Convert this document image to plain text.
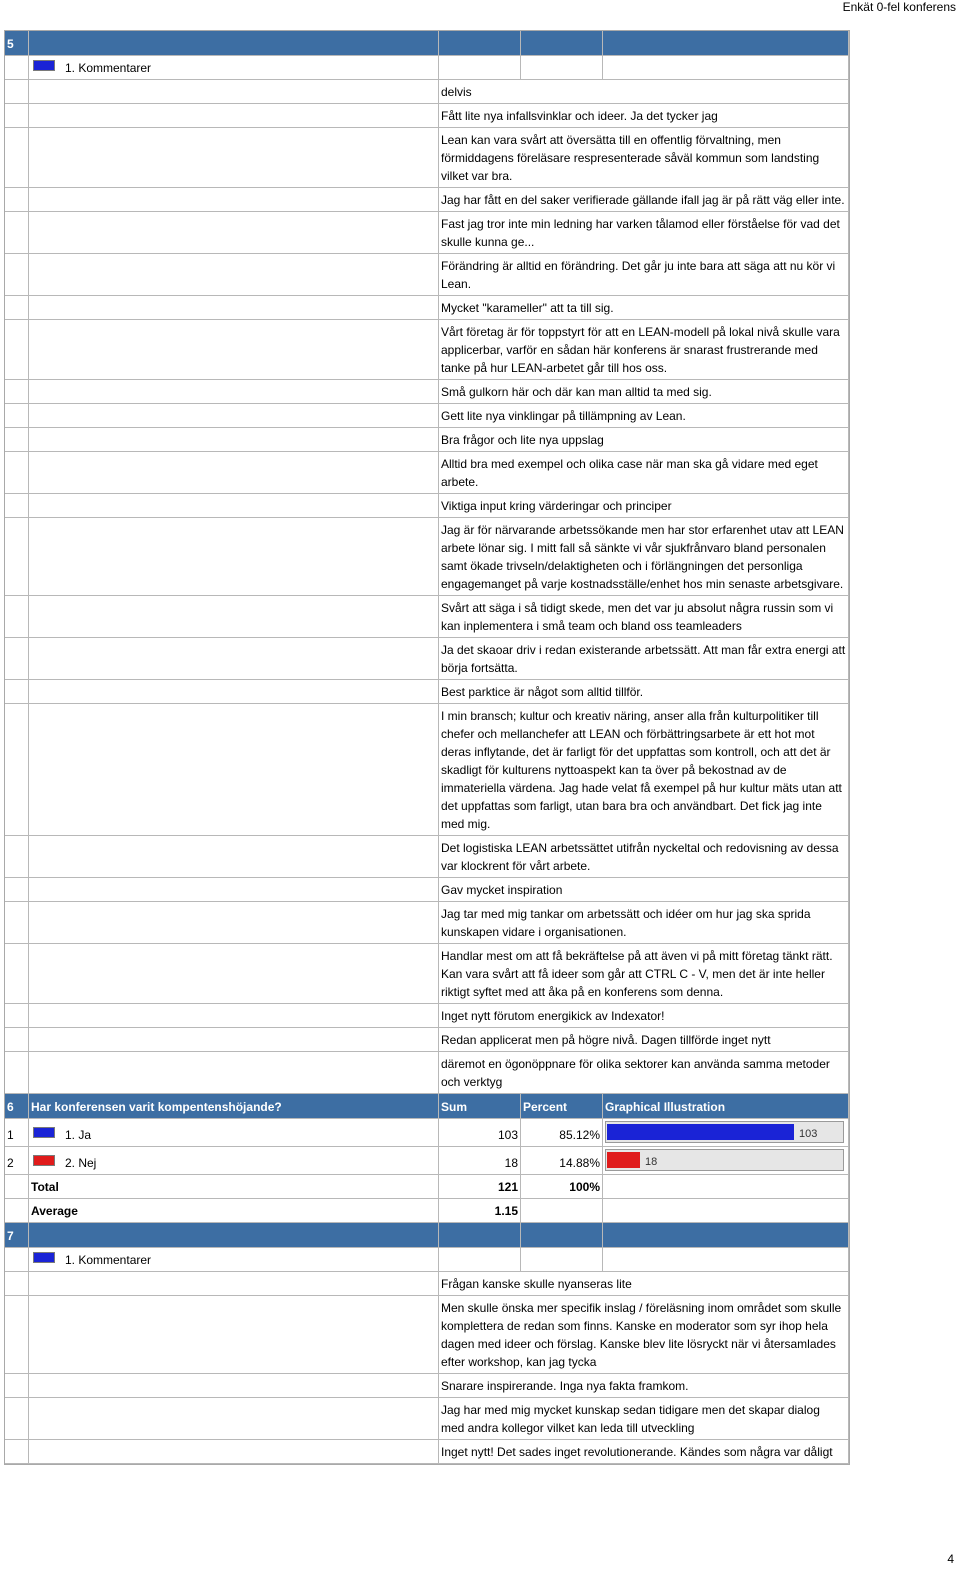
Enkät 0-fel konferens
5				

	1. Kommentarer			

		delvis		
		Fått lite nya infallsvinklar och ideer. Ja det tycker jag		
		Lean kan vara svårt att översätta till en offentlig förvaltning, men förmiddagens föreläsare respresenterade såväl kommun som landsting vilket var bra.		
		Jag har fått en del saker verifierade gällande ifall jag är på rätt väg eller inte.		
		Fast jag tror inte min ledning har varken tålamod eller förståelse för vad det skulle kunna ge...		
		Förändring är alltid en förändring. Det går ju inte bara att säga att nu kör vi Lean.		
		Mycket "karameller" att ta till sig.		
		Vårt företag är för toppstyrt för att en LEAN-modell på lokal nivå skulle vara applicerbar, varför en sådan här konferens är snarast frustrerande med tanke på hur LEAN-arbetet går till hos oss.		
		Små gulkorn här och där kan man alltid ta med sig.		
		Gett lite nya vinklingar på tillämpning av Lean.		
		Bra frågor och lite nya uppslag		
		Alltid bra med exempel och olika case när man ska gå vidare med eget arbete.		
		Viktiga input kring värderingar och principer		
		Jag är för närvarande arbetssökande men har stor erfarenhet utav att LEAN arbete lönar sig. I mitt fall så sänkte vi vår sjukfrånvaro bland personalen samt ökade trivseln/delaktigheten och i förlängningen det personliga engagemanget på varje kostnadsställe/enhet hos min senaste arbetsgivare.		
		Svårt att säga i så tidigt skede, men det var ju absolut några russin som vi kan inplementera i små team och bland oss teamleaders		
		Ja det skaoar driv i redan existerande arbetssätt. Att man får extra energi att börja fortsätta.		
		Best parktice är något som alltid tillför.		
		I min bransch; kultur och kreativ näring, anser alla från kulturpolitiker till chefer och mellanchefer att LEAN och förbättringsarbete är ett hot mot deras inflytande, det är farligt för det uppfattas som kontroll, och att det är skadligt för kulturens nyttoaspekt kan ta över på bekostnad av de immateriella värdena. Jag hade velat få exempel på hur kultur mäts utan att det uppfattas som farligt, utan bara bra och användbart. Det fick jag inte med mig.		
		Det logistiska LEAN arbetssättet utifrån nyckeltal och redovisning av dessa var klockrent för vårt arbete.		
		Gav mycket inspiration		
		Jag tar med mig tankar om arbetssätt och idéer om hur jag ska sprida kunskapen vidare i organisationen.		
		Handlar mest om att få bekräftelse på att även vi på mitt företag tänkt rätt. Kan vara svårt att få ideer som går att CTRL C - V, men det är inte heller riktigt syftet med att åka på en konferens som denna.		
		Inget nytt förutom energikick av Indexator!		
		Redan applicerat men på högre nivå. Dagen tillförde inget nytt		
		däremot en ögonöppnare för olika sektorer kan använda samma metoder och verktyg		
6	Har konferensen varit kompentenshöjande?	Sum	Percent	Graphical Illustration
1	1. Ja	103	85.12%	103

2	2. Nej	18	14.88%	18

	Total	121	100%	
	Average	1.15		
7				

	1. Kommentarer			

		Frågan kanske skulle nyanseras lite		
		Men skulle önska mer specifik inslag / föreläsning inom området som skulle komplettera de redan som finns. Kanske en moderator som syr ihop hela dagen med ideer och förslag. Kanske blev lite lösryckt när vi återsamlades efter workshop, kan jag tycka		
		Snarare inspirerande. Inga nya fakta framkom.		
		Jag har med mig mycket kunskap sedan tidigare men det skapar dialog med andra kollegor vilket kan leda till utveckling		
		Inget nytt! Det sades inget revolutionerande. Kändes som några var dåligt		
4
